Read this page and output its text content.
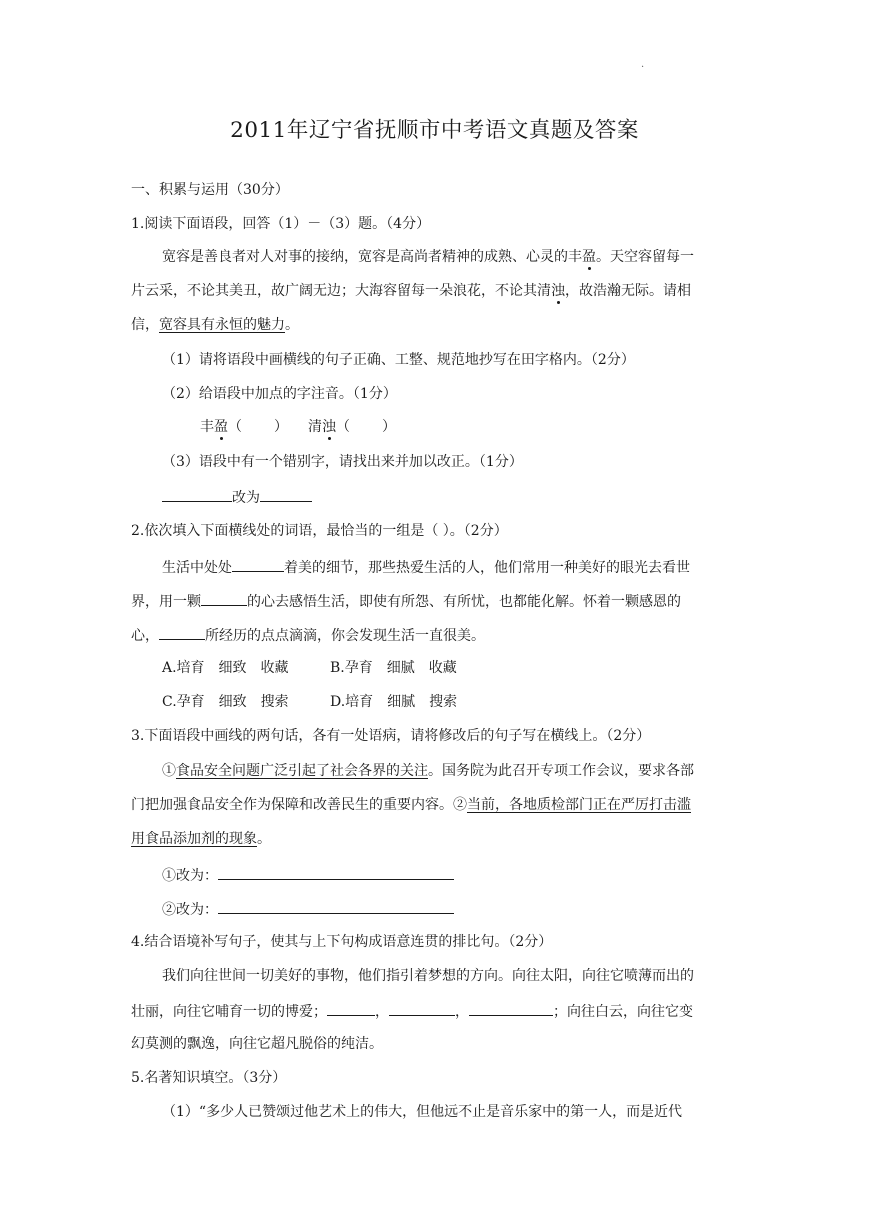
·
2011年辽宁省抚顺市中考语文真题及答案
一、积累与运用（30分）
1.阅读下面语段，回答（1）－（3）题。（4分）
宽容是善良者对人对事的接纳，宽容是高尚者精神的成熟、心灵的丰盈。天空容留每一
片云采，不论其美丑，故广阔无边；大海容留每一朵浪花，不论其清浊，故浩瀚无际。请相
信，宽容具有永恒的魅力。
（1）请将语段中画横线的句子正确、工整、规范地抄写在田字格内。（2分）
（2）给语段中加点的字注音。（1分）
丰盈（ ） 清浊（ ）
（3）语段中有一个错别字，请找出来并加以改正。（1分）
改为
2.依次填入下面横线处的词语，最恰当的一组是（ ）。（2分）
生活中处处	着美的细节，那些热爱生活的人，他们常用一种美好的眼光去看世
界，用一颗	的心去感悟生活，即使有所怨、有所忧，也都能化解。怀着一颗感恩的
心，	所经历的点点滴滴，你会发现生活一直很美。
A.培育　细致　收藏	B.孕育　细腻　收藏
C.孕育　细致　搜索	D.培育　细腻　搜索
3.下面语段中画线的两句话，各有一处语病，请将修改后的句子写在横线上。（2分）
①食品安全问题广泛引起了社会各界的关注。国务院为此召开专项工作会议，要求各部
门把加强食品安全作为保障和改善民生的重要内容。②当前，各地质检部门正在严厉打击滥
用食品添加剂的现象。
①改为：
②改为：
4.结合语境补写句子，使其与上下句构成语意连贯的排比句。（2分）
我们向往世间一切美好的事物，他们指引着梦想的方向。向往太阳，向往它喷薄而出的
壮丽，向往它哺育一切的博爱；	，	，	；向往白云，向往它变
幻莫测的飘逸，向往它超凡脱俗的纯洁。
5.名著知识填空。（3分）
（1）“多少人已赞颂过他艺术上的伟大，但他远不止是音乐家中的第一人，而是近代
